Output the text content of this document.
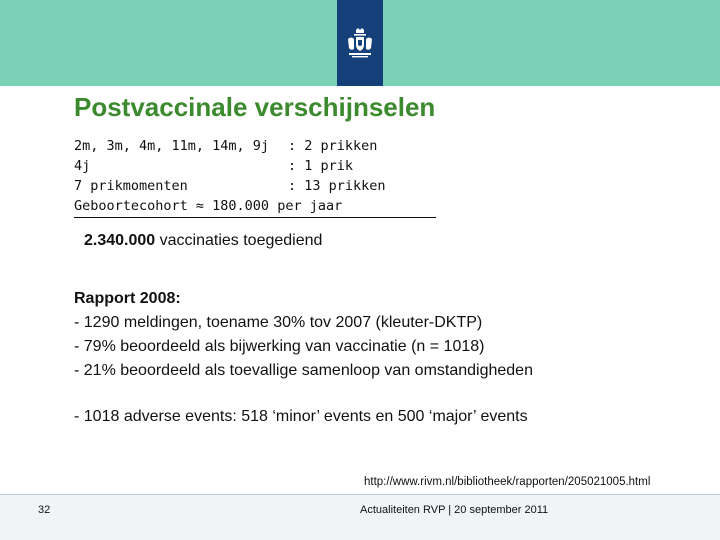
Postvaccinale verschijnselen
2m, 3m, 4m, 11m, 14m, 9j : 2 prikken
4j	: 1 prik
7 prikmomenten	: 13 prikken
Geboortecohort ≈ 180.000 per jaar
2.340.000 vaccinaties toegediend
Rapport 2008:
- 1290 meldingen, toename 30% tov 2007 (kleuter-DKTP)
- 79% beoordeeld als bijwerking van vaccinatie (n = 1018)
- 21% beoordeeld als toevallige samenloop van omstandigheden
- 1018 adverse events: 518 ‘minor’ events en 500 ‘major’ events
http://www.rivm.nl/bibliotheek/rapporten/205021005.html
32	Actualiteiten RVP | 20 september 2011
